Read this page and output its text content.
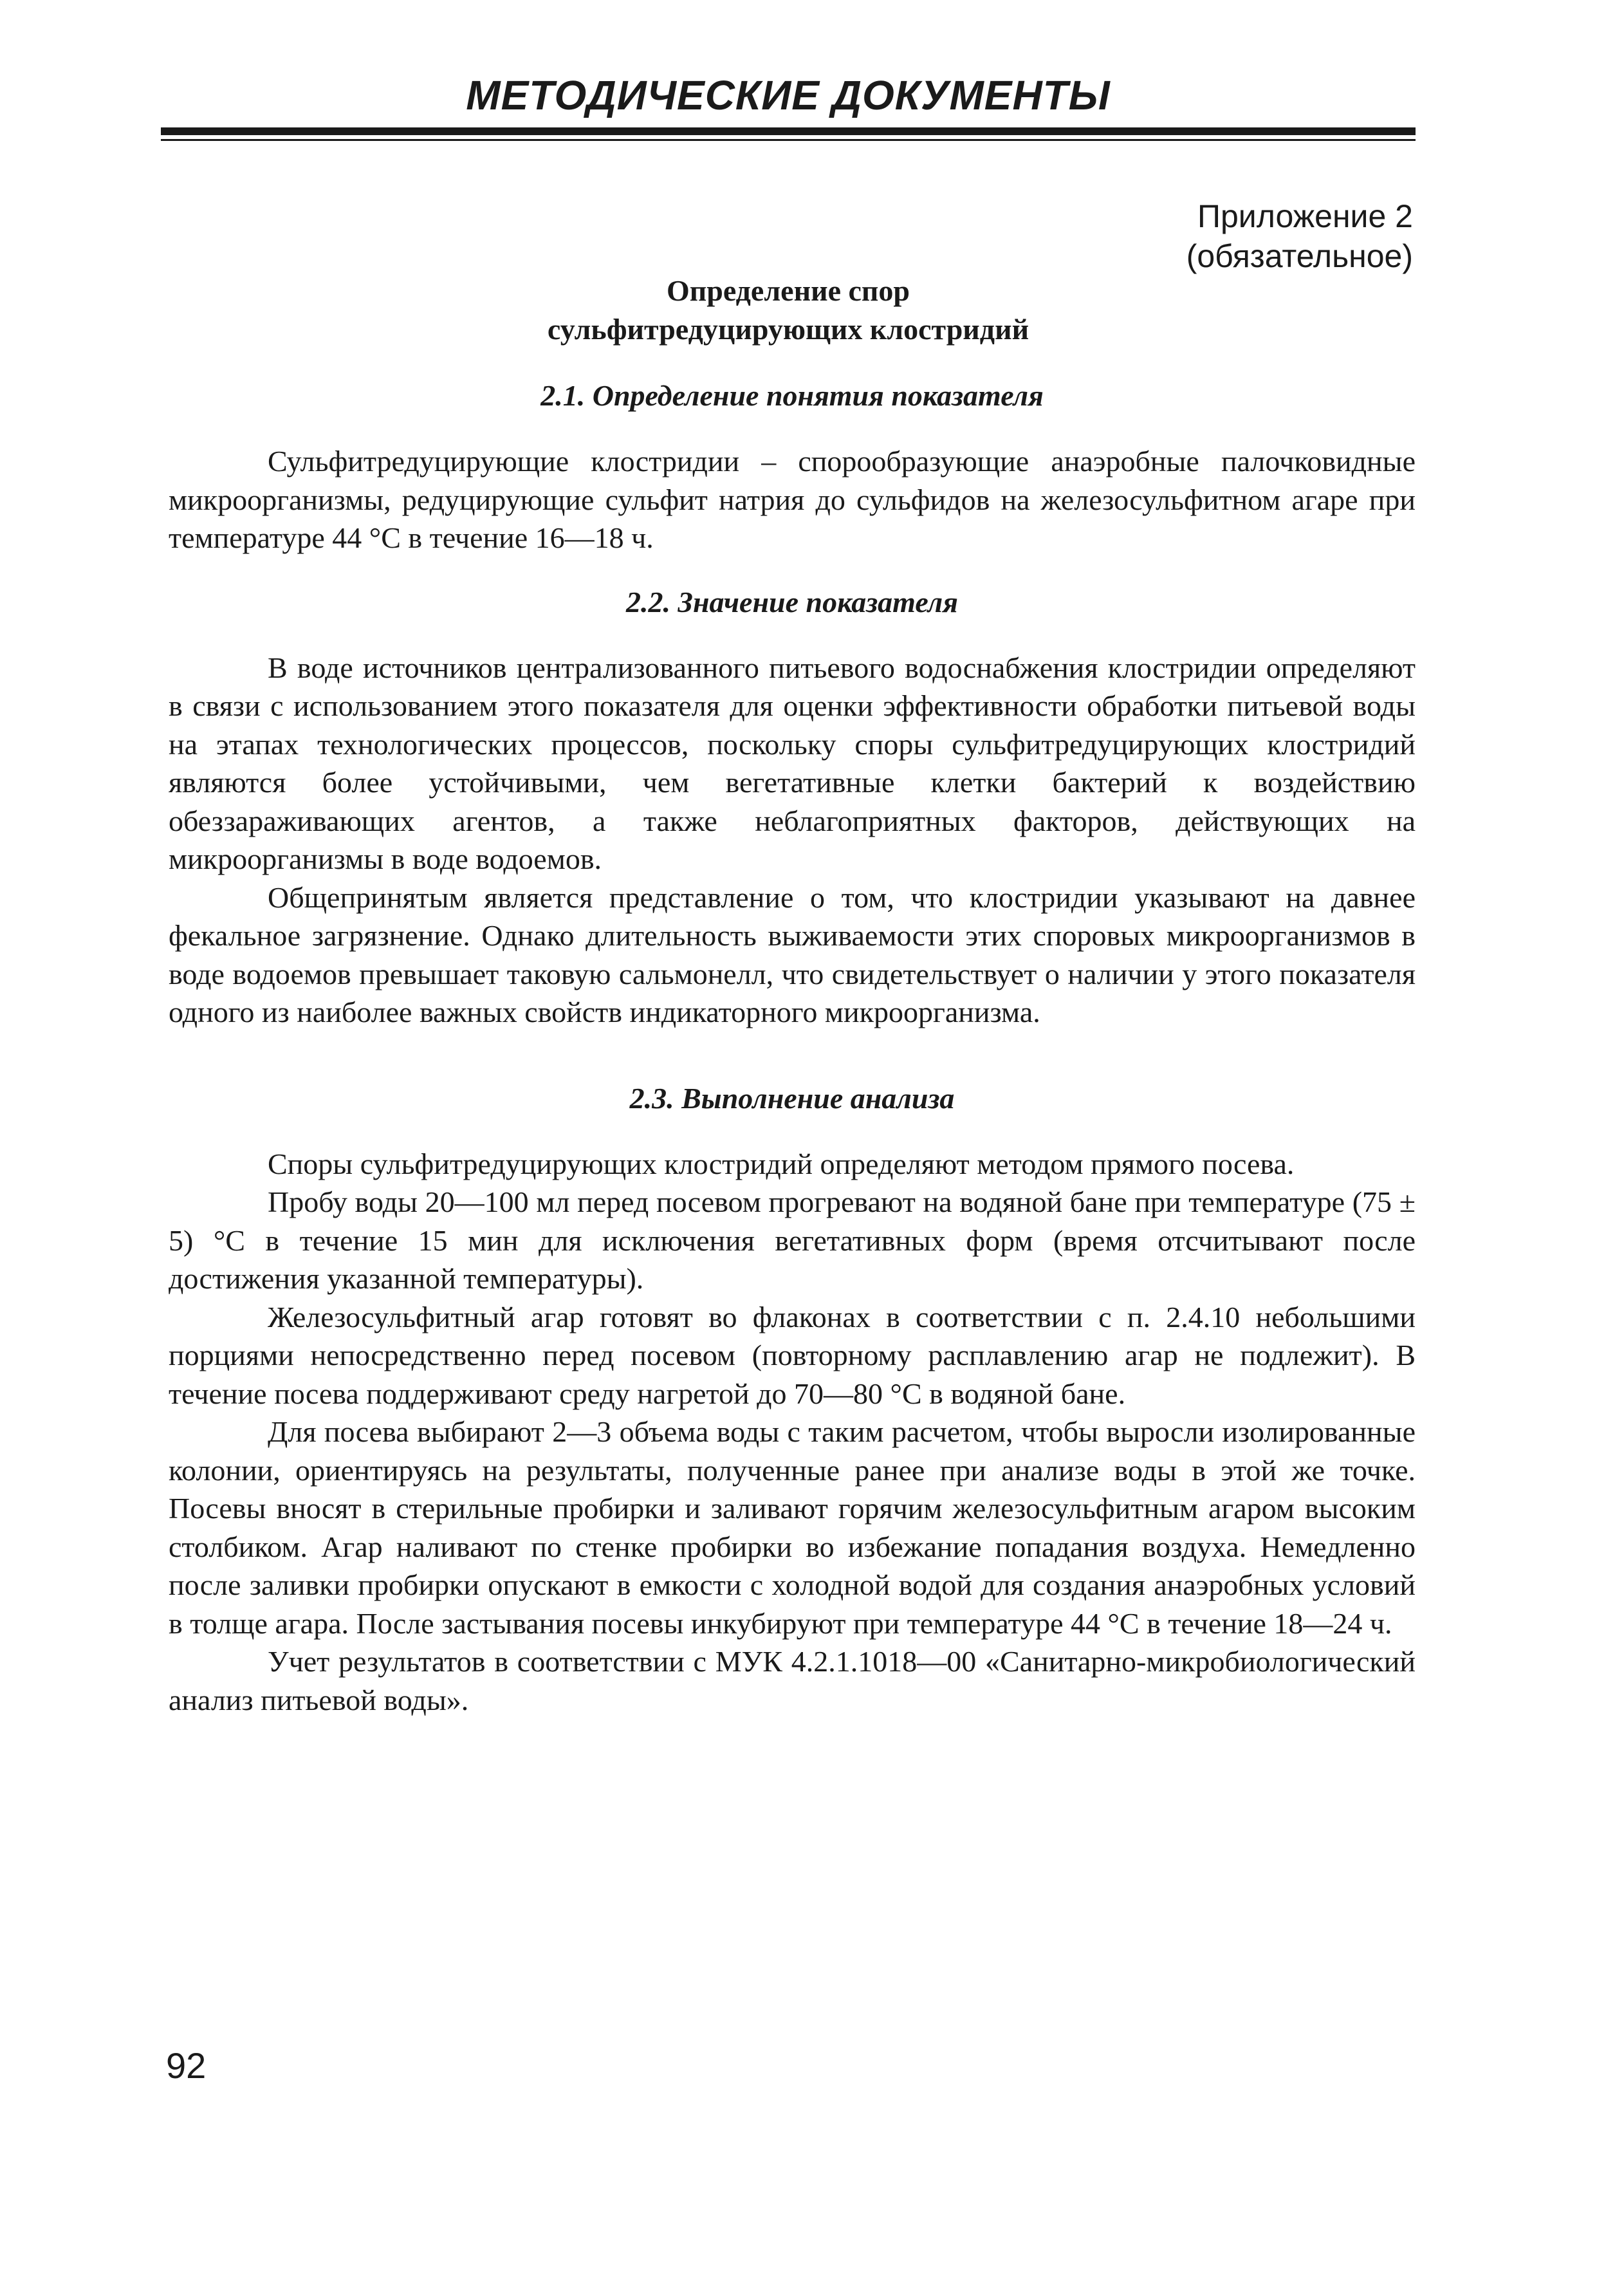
МЕТОДИЧЕСКИЕ ДОКУМЕНТЫ
Приложение 2
(обязательное)
Определение спор
сульфитредуцирующих клостридий
2.1. Определение понятия показателя

Сульфитредуцирующие клостридии – спорообразующие анаэробные палочковидные микроорганизмы, редуцирующие сульфит натрия до сульфидов на железосульфитном агаре при температуре 44 °С в течение 16—18 ч.

2.2. Значение показателя

В воде источников централизованного питьевого водоснабжения клостридии определяют в связи с использованием этого показателя для оценки эффективности обработки питьевой воды на этапах технологических процессов, поскольку споры сульфитредуцирующих клостридий являются более устойчивыми, чем вегетативные клетки бактерий к воздействию обеззараживающих агентов, а также неблагоприятных факторов, действующих на микроорганизмы в воде водоемов.

Общепринятым является представление о том, что клостридии указывают на давнее фекальное загрязнение. Однако длительность выживаемости этих споровых микроорганизмов в воде водоемов превышает таковую сальмонелл, что свидетельствует о наличии у этого показателя одного из наиболее важных свойств индикаторного микроорганизма.

2.3. Выполнение анализа

Споры сульфитредуцирующих клостридий определяют методом прямого посева.

Пробу воды 20—100 мл перед посевом прогревают на водяной бане при температуре (75 ± 5) °С в течение 15 мин для исключения вегетативных форм (время отсчитывают после достижения указанной температуры).

Железосульфитный агар готовят во флаконах в соответствии с п. 2.4.10 небольшими порциями непосредственно перед посевом (повторному расплавлению агар не подлежит). В течение посева поддерживают среду нагретой до 70—80 °С в водяной бане.

Для посева выбирают 2—3 объема воды с таким расчетом, чтобы выросли изолированные колонии, ориентируясь на результаты, полученные ранее при анализе воды в этой же точке. Посевы вносят в стерильные пробирки и заливают горячим железосульфитным агаром высоким столбиком. Агар наливают по стенке пробирки во избежание попадания воздуха. Немедленно после заливки пробирки опускают в емкости с холодной водой для создания анаэробных условий в толще агара. После застывания посевы инкубируют при температуре 44 °С в течение 18—24 ч.

Учет результатов в соответствии с МУК 4.2.1.1018—00 «Санитарно-микробиологический анализ питьевой воды».

92
